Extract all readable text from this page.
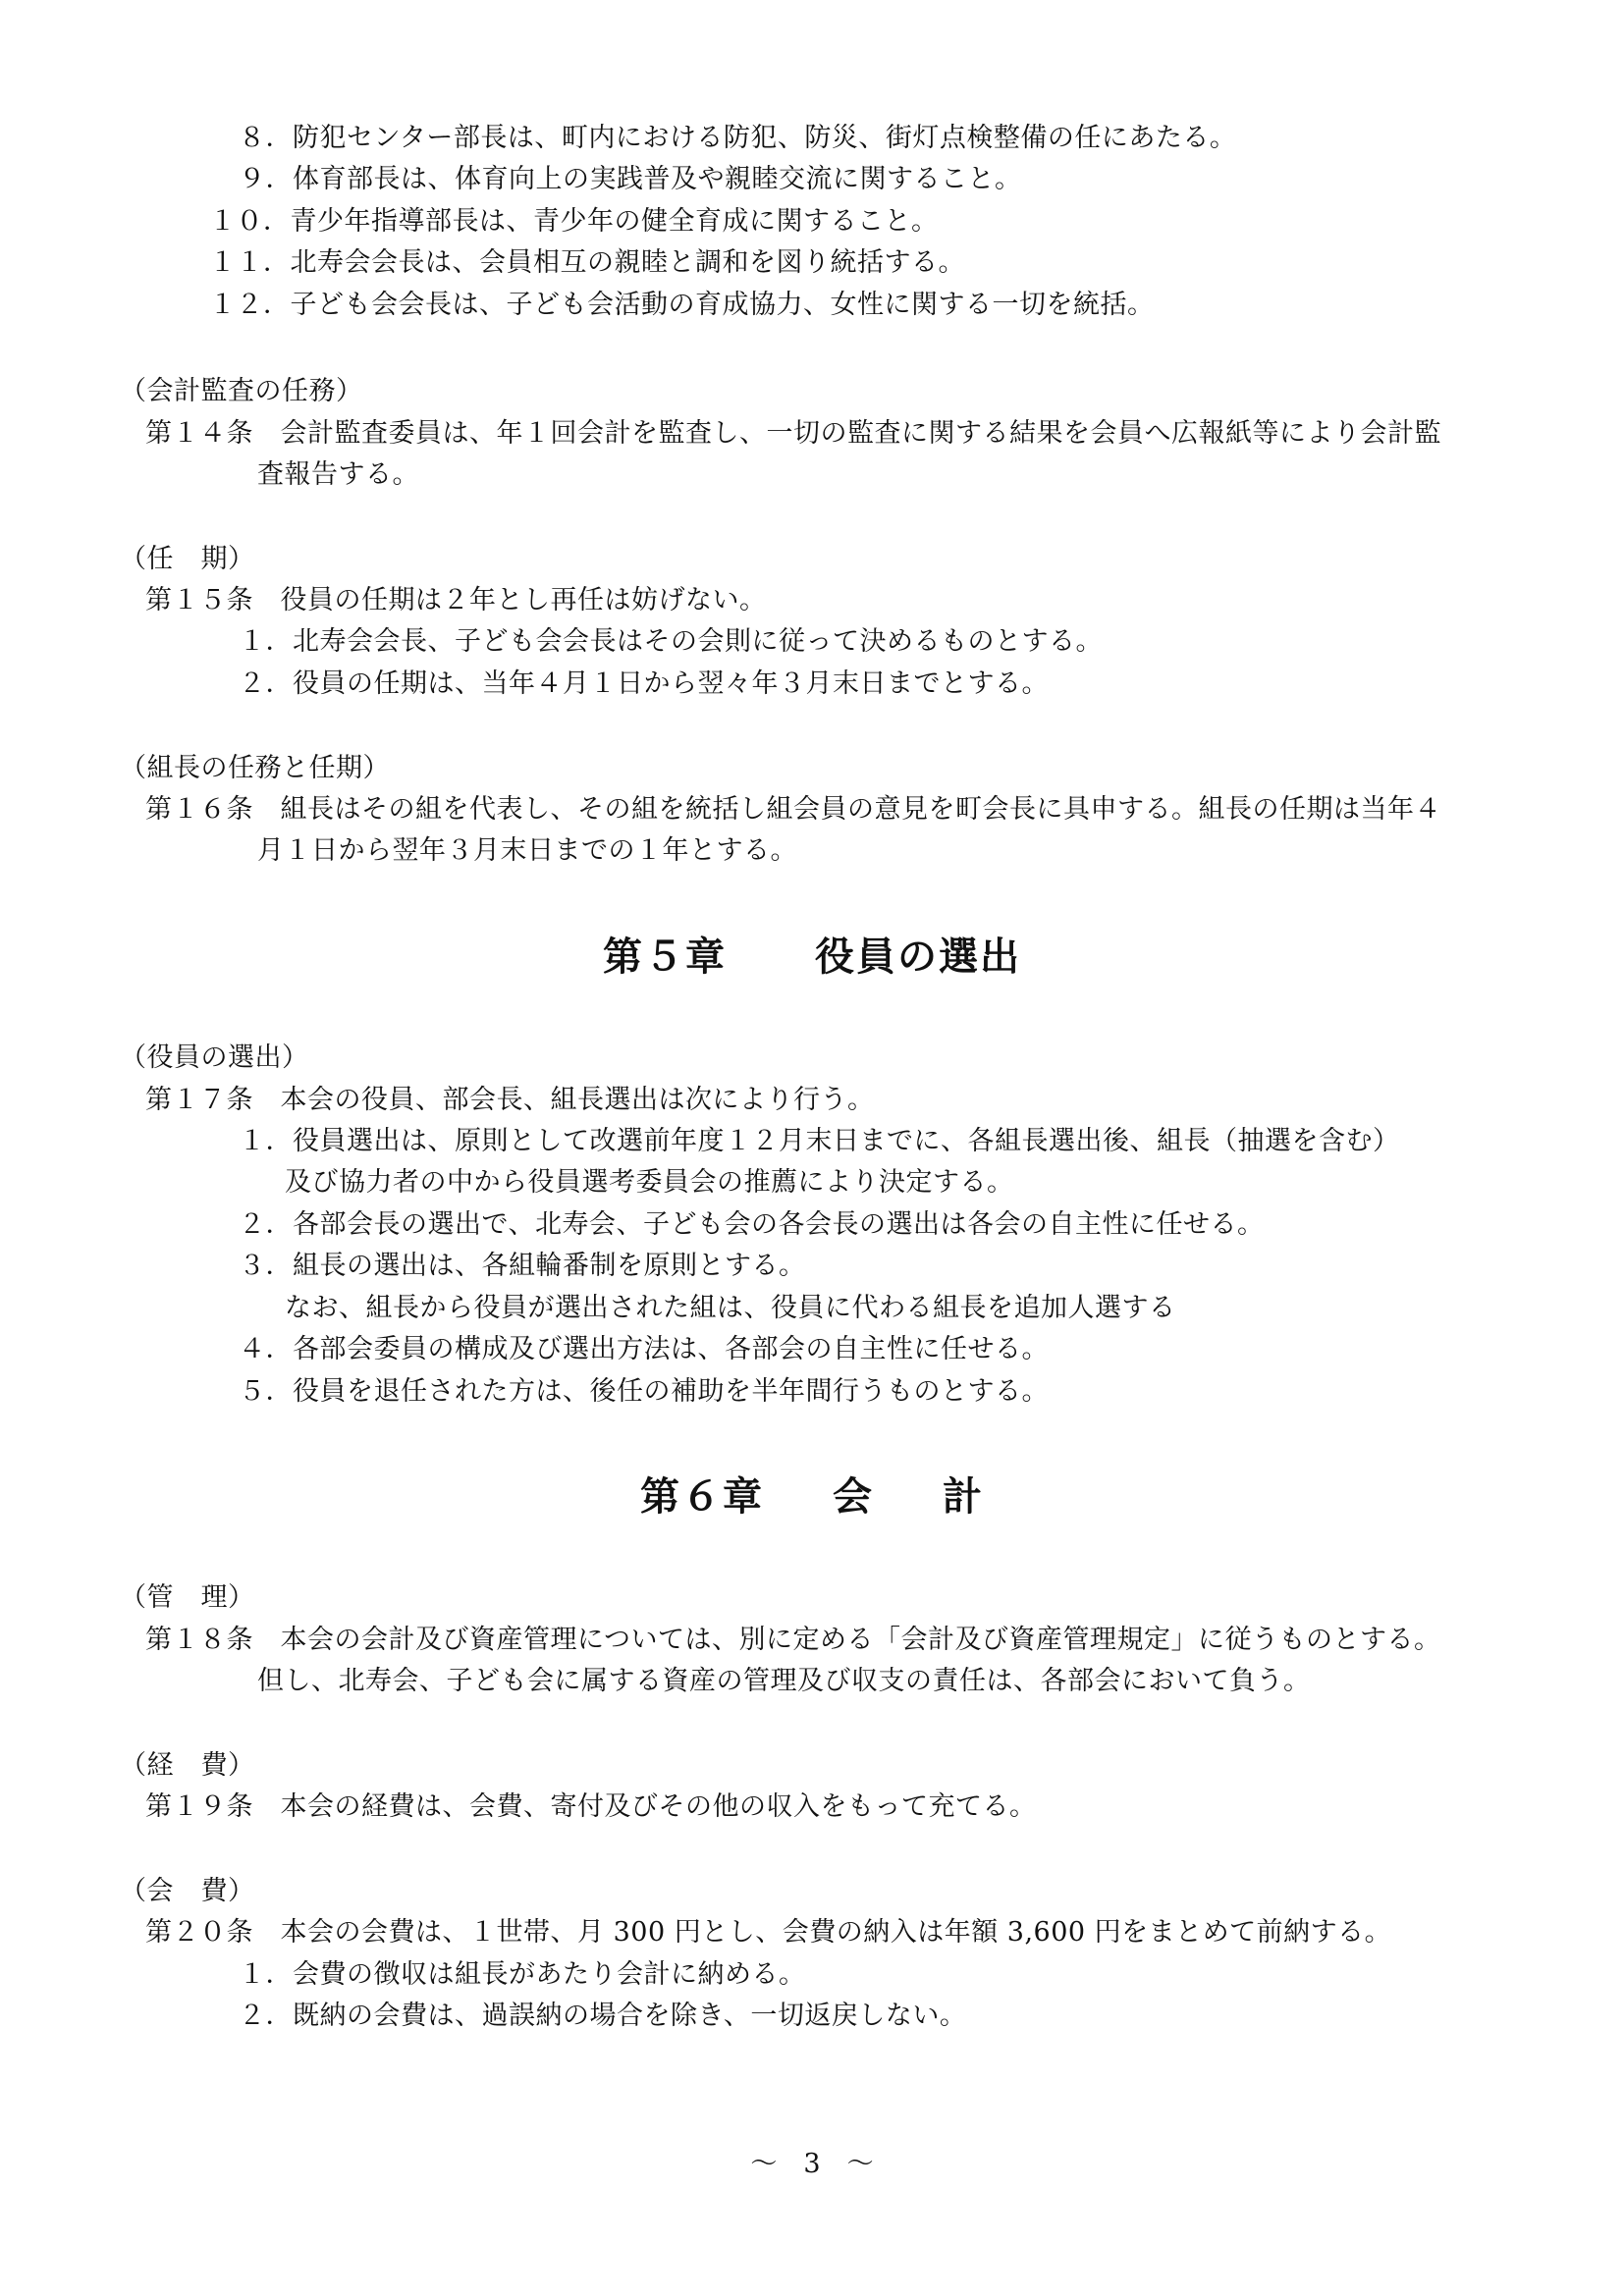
８．防犯センター部長は、町内における防犯、防災、街灯点検整備の任にあたる。
９．体育部長は、体育向上の実践普及や親睦交流に関すること。
１０．青少年指導部長は、青少年の健全育成に関すること。
１１．北寿会会長は、会員相互の親睦と調和を図り統括する。
１２．子ども会会長は、子ども会活動の育成協力、女性に関する一切を統括。
（会計監査の任務）
第１４条　会計監査委員は、年１回会計を監査し、一切の監査に関する結果を会員へ広報紙等により会計監
査報告する。
（任　期）
第１５条　役員の任期は２年とし再任は妨げない。
１．北寿会会長、子ども会会長はその会則に従って決めるものとする。
２．役員の任期は、当年４月１日から翌々年３月末日までとする。
（組長の任務と任期）
第１６条　組長はその組を代表し、その組を統括し組会員の意見を町会長に具申する。組長の任期は当年４
月１日から翌年３月末日までの１年とする。
第５章 役員の選出
（役員の選出）
第１７条　本会の役員、部会長、組長選出は次により行う。
１．役員選出は、原則として改選前年度１２月末日までに、各組長選出後、組長（抽選を含む）
及び協力者の中から役員選考委員会の推薦により決定する。
２．各部会長の選出で、北寿会、子ども会の各会長の選出は各会の自主性に任せる。
３．組長の選出は、各組輪番制を原則とする。
なお、組長から役員が選出された組は、役員に代わる組長を追加人選する
４．各部会委員の構成及び選出方法は、各部会の自主性に任せる。
５．役員を退任された方は、後任の補助を半年間行うものとする。
第６章 会 計
（管　理）
第１８条　本会の会計及び資産管理については、別に定める「会計及び資産管理規定」に従うものとする。
但し、北寿会、子ども会に属する資産の管理及び収支の責任は、各部会において負う。
（経　費）
第１９条　本会の経費は、会費、寄付及びその他の収入をもって充てる。
（会　費）
第２０条　本会の会費は、１世帯、月 300 円とし、会費の納入は年額 3,600 円をまとめて前納する。
１．会費の徴収は組長があたり会計に納める。
２．既納の会費は、過誤納の場合を除き、一切返戻しない。
～　3　～
